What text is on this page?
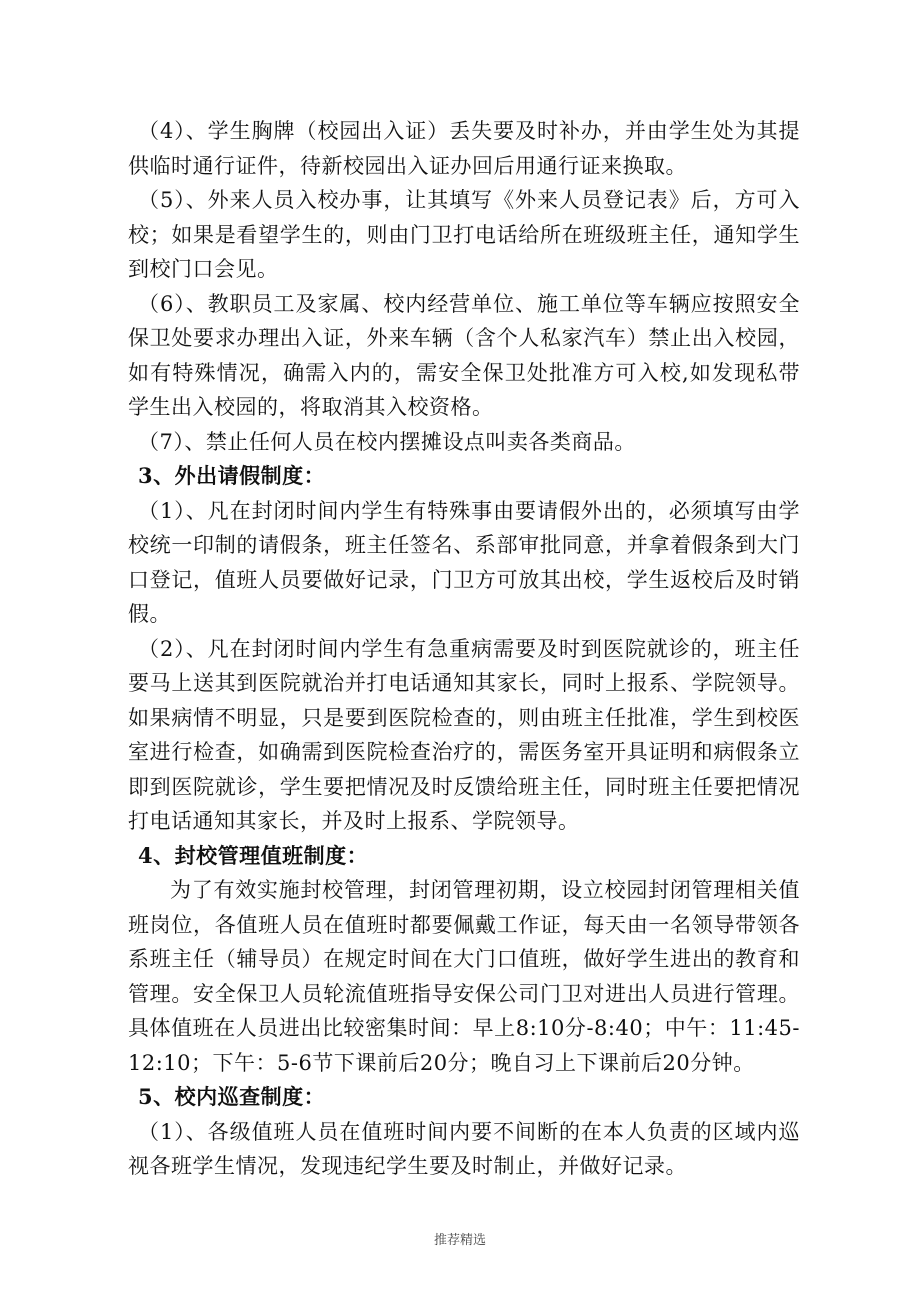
（4）、学生胸牌（校园出入证）丢失要及时补办，并由学生处为其提供临时通行证件，待新校园出入证办回后用通行证来换取。

（5）、外来人员入校办事，让其填写《外来人员登记表》后，方可入校；如果是看望学生的，则由门卫打电话给所在班级班主任，通知学生到校门口会见。

（6）、教职员工及家属、校内经营单位、施工单位等车辆应按照安全保卫处要求办理出入证，外来车辆（含个人私家汽车）禁止出入校园，如有特殊情况，确需入内的，需安全保卫处批准方可入校,如发现私带学生出入校园的，将取消其入校资格。

（7）、禁止任何人员在校内摆摊设点叫卖各类商品。

3、外出请假制度：

（1）、凡在封闭时间内学生有特殊事由要请假外出的，必须填写由学校统一印制的请假条，班主任签名、系部审批同意，并拿着假条到大门口登记，值班人员要做好记录，门卫方可放其出校，学生返校后及时销假。

（2）、凡在封闭时间内学生有急重病需要及时到医院就诊的，班主任要马上送其到医院就治并打电话通知其家长，同时上报系、学院领导。如果病情不明显，只是要到医院检查的，则由班主任批准，学生到校医室进行检查，如确需到医院检查治疗的，需医务室开具证明和病假条立即到医院就诊，学生要把情况及时反馈给班主任，同时班主任要把情况打电话通知其家长，并及时上报系、学院领导。

4、封校管理值班制度：

为了有效实施封校管理，封闭管理初期，设立校园封闭管理相关值班岗位，各值班人员在值班时都要佩戴工作证，每天由一名领导带领各系班主任（辅导员）在规定时间在大门口值班，做好学生进出的教育和管理。安全保卫人员轮流值班指导安保公司门卫对进出人员进行管理。具体值班在人员进出比较密集时间：早上8:10分-8:40；中午：11:45-12:10；下午：5-6节下课前后20分；晚自习上下课前后20分钟。

5、校内巡查制度：

（1）、各级值班人员在值班时间内要不间断的在本人负责的区域内巡视各班学生情况，发现违纪学生要及时制止，并做好记录。

推荐精选
